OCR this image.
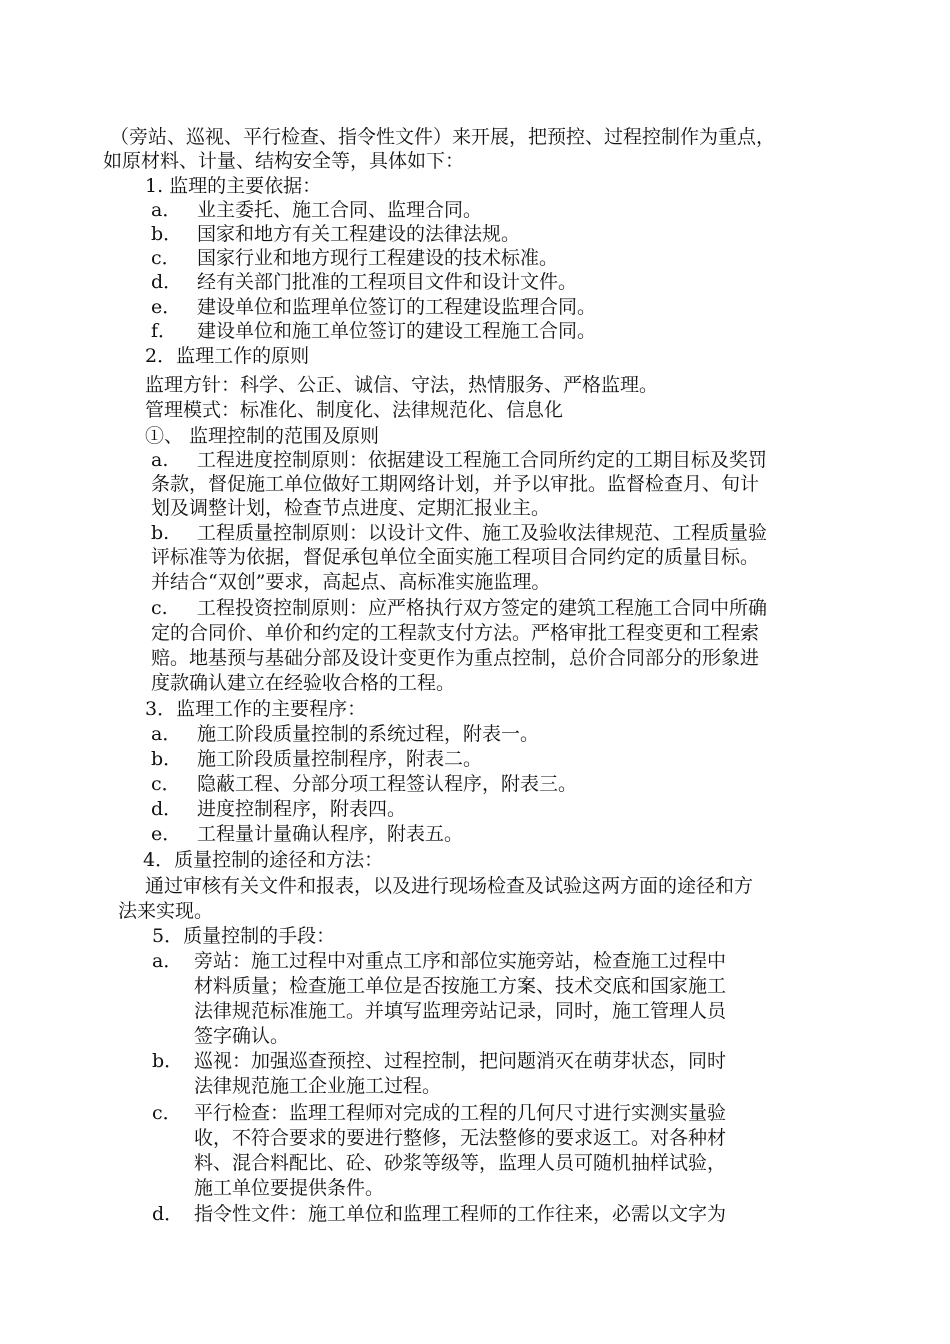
（旁站、巡视、平行检查、指令性文件）来开展，把预控、过程控制作为重点，
如原材料、计量、结构安全等，具体如下：
1. 监理的主要依据：
a． 业主委托、施工合同、监理合同。
b． 国家和地方有关工程建设的法律法规。
c． 国家行业和地方现行工程建设的技术标准。
d． 经有关部门批准的工程项目文件和设计文件。
e． 建设单位和监理单位签订的工程建设监理合同。
f． 建设单位和施工单位签订的建设工程施工合同。
2．监理工作的原则
监理方针：科学、公正、诚信、守法，热情服务、严格监理。
管理模式：标准化、制度化、法律规范化、信息化
①、 监理控制的范围及原则
a.	工程进度控制原则：依据建设工程施工合同所约定的工期目标及奖罚
条款，督促施工单位做好工期网络计划，并予以审批。监督检查月、旬计
划及调整计划，检查节点进度、定期汇报业主。
b. 工程质量控制原则：以设计文件、施工及验收法律规范、工程质量验
评标准等为依据，督促承包单位全面实施工程项目合同约定的质量目标。
并结合“双创”要求，高起点、高标准实施监理。
c. 工程投资控制原则：应严格执行双方签定的建筑工程施工合同中所确
定的合同价、单价和约定的工程款支付方法。严格审批工程变更和工程索
赔。地基预与基础分部及设计变更作为重点控制，总价合同部分的形象进
度款确认建立在经验收合格的工程。
3．监理工作的主要程序：
a． 施工阶段质量控制的系统过程，附表一。
b． 施工阶段质量控制程序，附表二。
c． 隐蔽工程、分部分项工程签认程序，附表三。
d． 进度控制程序，附表四。
e． 工程量计量确认程序，附表五。
4．质量控制的途径和方法：
通过审核有关文件和报表，以及进行现场检查及试验这两方面的途径和方
法来实现。
5．质量控制的手段：
a． 旁站：施工过程中对重点工序和部位实施旁站，检查施工过程中
材料质量；检查施工单位是否按施工方案、技术交底和国家施工
法律规范标准施工。并填写监理旁站记录，同时，施工管理人员
签字确认。
b． 巡视：加强巡查预控、过程控制，把问题消灭在萌芽状态，同时
法律规范施工企业施工过程。
c． 平行检查：监理工程师对完成的工程的几何尺寸进行实测实量验
收，不符合要求的要进行整修，无法整修的要求返工。对各种材
料、混合料配比、砼、砂浆等级等，监理人员可随机抽样试验，
施工单位要提供条件。
d． 指令性文件：施工单位和监理工程师的工作往来，必需以文字为
